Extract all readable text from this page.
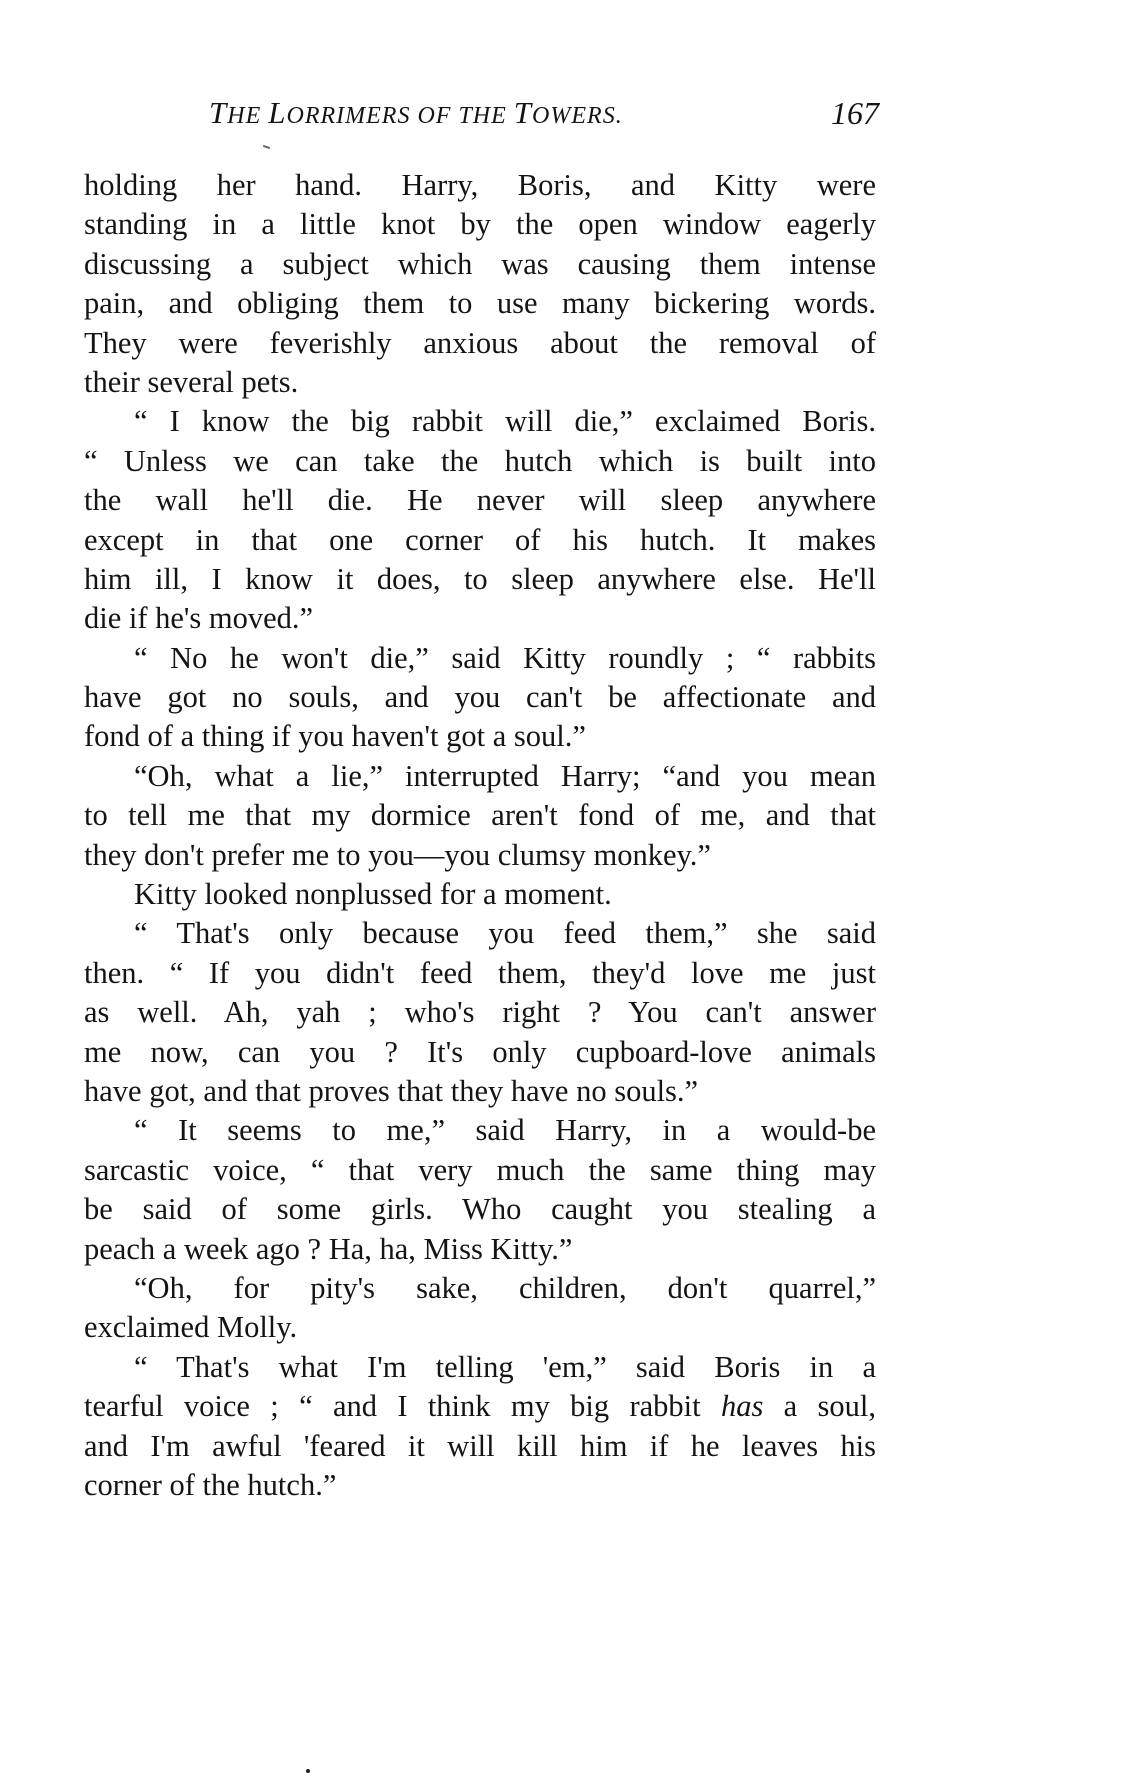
THE LORRIMERS OF THE TOWERS.	167
holding her hand. Harry, Boris, and Kitty were
standing in a little knot by the open window eagerly
discussing a subject which was causing them intense
pain, and obliging them to use many bickering words.
They were feverishly anxious about the removal of
their several pets.
“ I know the big rabbit will die,” exclaimed Boris.
“ Unless we can take the hutch which is built into
the wall he'll die. He never will sleep anywhere
except in that one corner of his hutch. It makes
him ill, I know it does, to sleep anywhere else. He'll
die if he's moved.”
“ No he won't die,” said Kitty roundly ; “ rabbits
have got no souls, and you can't be affectionate and
fond of a thing if you haven't got a soul.”
“Oh, what a lie,” interrupted Harry; “and you mean
to tell me that my dormice aren't fond of me, and that
they don't prefer me to you—you clumsy monkey.”
Kitty looked nonplussed for a moment.
“ That's only because you feed them,” she said
then. “ If you didn't feed them, they'd love me just
as well. Ah, yah ; who's right ? You can't answer
me now, can you ? It's only cupboard-love animals
have got, and that proves that they have no souls.”
“ It seems to me,” said Harry, in a would-be
sarcastic voice, “ that very much the same thing may
be said of some girls. Who caught you stealing a
peach a week ago ? Ha, ha, Miss Kitty.”
“Oh, for pity's sake, children, don't quarrel,”
exclaimed Molly.
“ That's what I'm telling 'em,” said Boris in a
tearful voice ; “ and I think my big rabbit has a soul,
and I'm awful 'feared it will kill him if he leaves his
corner of the hutch.”
